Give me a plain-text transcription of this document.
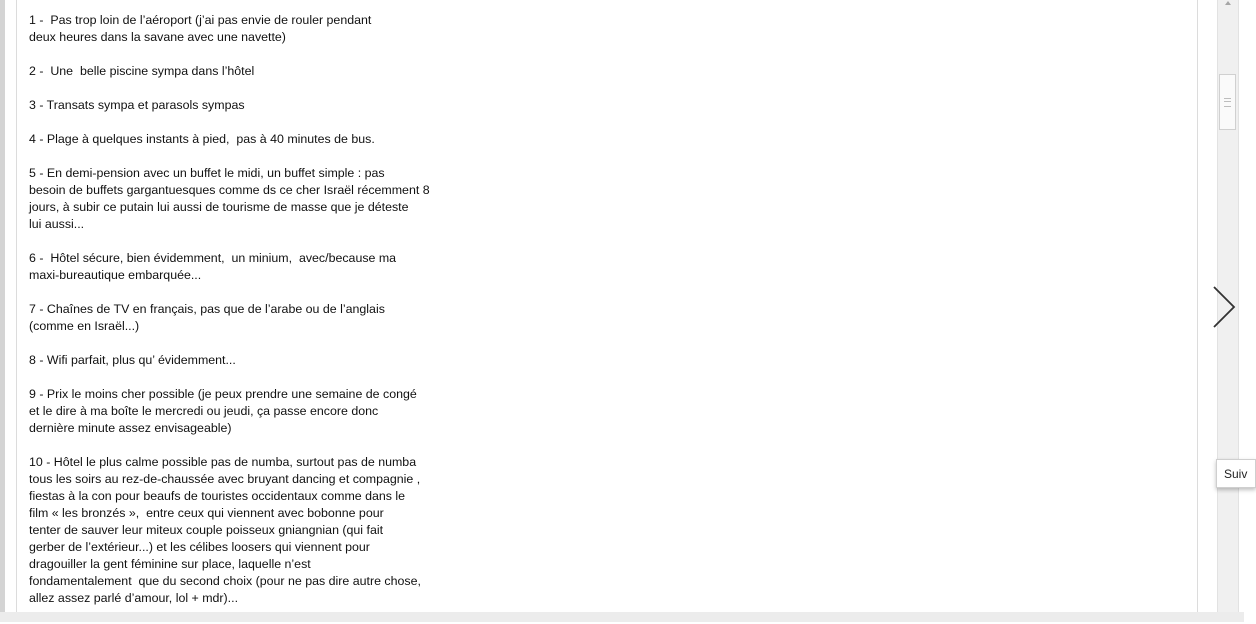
1 -  Pas trop loin de l’aéroport (j’ai pas envie de rouler pendant
deux heures dans la savane avec une navette)

2 -  Une  belle piscine sympa dans l’hôtel

3 - Transats sympa et parasols sympas

4 - Plage à quelques instants à pied,  pas à 40 minutes de bus.

5 - En demi-pension avec un buffet le midi, un buffet simple : pas
besoin de buffets gargantuesques comme ds ce cher Israël récemment 8
jours, à subir ce putain lui aussi de tourisme de masse que je déteste
lui aussi...

6 -  Hôtel sécure, bien évidemment,  un minium,  avec/because ma
maxi-bureautique embarquée...

7 - Chaînes de TV en français, pas que de l’arabe ou de l’anglais
(comme en Israël...)

8 - Wifi parfait, plus qu’ évidemment...

9 - Prix le moins cher possible (je peux prendre une semaine de congé
et le dire à ma boîte le mercredi ou jeudi, ça passe encore donc
dernière minute assez envisageable)

10 - Hôtel le plus calme possible pas de numba, surtout pas de numba
tous les soirs au rez-de-chaussée avec bruyant dancing et compagnie ,
fiestas à la con pour beaufs de touristes occidentaux comme dans le
film « les bronzés »,  entre ceux qui viennent avec bobonne pour
tenter de sauver leur miteux couple poisseux gniangnian (qui fait
gerber de l’extérieur...) et les célibes loosers qui viennent pour
dragouiller la gent féminine sur place, laquelle n’est
fondamentalement  que du second choix (pour ne pas dire autre chose,
allez assez parlé d’amour, lol + mdr)...

Suiv
